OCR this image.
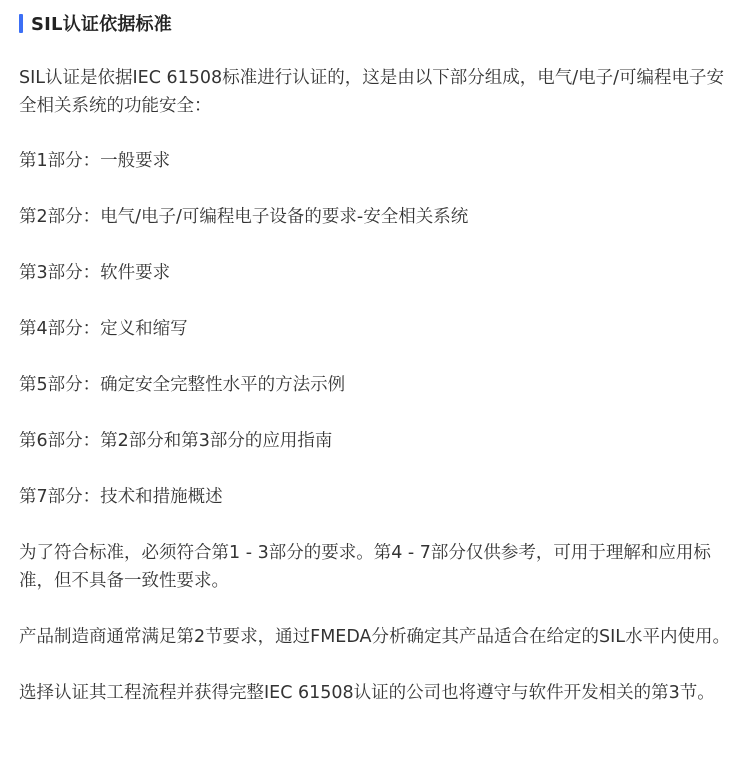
SIL认证依据标准

SIL认证是依据IEC 61508标准进行认证的，这是由以下部分组成，电气/电子/可编程电子安全相关系统的功能安全：

第1部分：一般要求

第2部分：电气/电子/可编程电子设备的要求-安全相关系统

第3部分：软件要求

第4部分：定义和缩写

第5部分：确定安全完整性水平的方法示例

第6部分：第2部分和第3部分的应用指南

第7部分：技术和措施概述

为了符合标准，必须符合第1 - 3部分的要求。第4 - 7部分仅供参考，可用于理解和应用标准，但不具备一致性要求。

产品制造商通常满足第2节要求，通过FMEDA分析确定其产品适合在给定的SIL水平内使用。

选择认证其工程流程并获得完整IEC 61508认证的公司也将遵守与软件开发相关的第3节。
